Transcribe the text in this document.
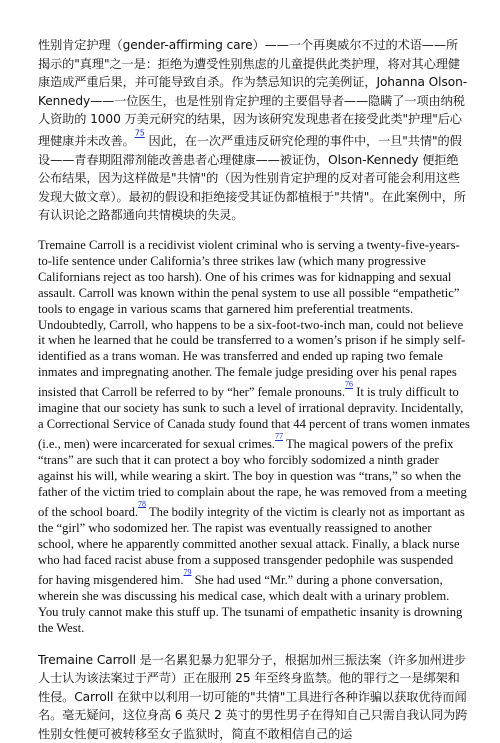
性别肯定护理（gender-affirming care）——一个再奥威尔不过的术语——所揭示的"真理"之一是：拒绝为遭受性别焦虑的儿童提供此类护理，将对其心理健康造成严重后果，并可能导致自杀。作为禁忌知识的完美例证，Johanna Olson-Kennedy——一位医生，也是性别肯定护理的主要倡导者——隐瞒了一项由纳税人资助的 1000 万美元研究的结果，因为该研究发现患者在接受此类"护理"后心理健康并未改善。$^{^{75}}$ 因此，在一次严重违反研究伦理的事件中，一旦"共情"的假设——青春期阻滞剂能改善患者心理健康——被证伪，Olson-Kennedy 便拒绝公布结果，因为这样做是"共情"的（因为性别肯定护理的反对者可能会利用这些发现大做文章）。最初的假设和拒绝接受其证伪都植根于"共情"。在此案例中，所有认识论之路都通向共情模块的失灵。

Tremaine Carroll is a recidivist violent criminal who is serving a twenty-five-years-to-life sentence under California’s three strikes law (which many progressive Californians reject as too harsh). One of his crimes was for kidnapping and sexual assault. Carroll was known within the penal system to use all possible “empathetic” tools to engage in various scams that garnered him preferential treatments. Undoubtedly, Carroll, who happens to be a six-foot-two-inch man, could not believe it when he learned that he could be transferred to a women’s prison if he simply self-identified as a trans woman. He was transferred and ended up raping two female inmates and impregnating another. The female judge presiding over his penal rapes insisted that Carroll be referred to by “her” female pronouns.$^{^{76}}$ It is truly difficult to imagine that our society has sunk to such a level of irrational depravity. Incidentally, a Correctional Service of Canada study found that 44 percent of trans women inmates (i.e., men) were incarcerated for sexual crimes.$^{^{77}}$ The magical powers of the prefix “trans” are such that it can protect a boy who forcibly sodomized a ninth grader against his will, while wearing a skirt. The boy in question was “trans,” so when the father of the victim tried to complain about the rape, he was removed from a meeting of the school board.$^{^{78}}$ The bodily integrity of the victim is clearly not as important as the “girl” who sodomized her. The rapist was eventually reassigned to another school, where he apparently committed another sexual attack. Finally, a black nurse who had faced racist abuse from a supposed transgender pedophile was suspended for having misgendered him.$^{^{79}}$ She had used “Mr.” during a phone conversation, wherein she was discussing his medical case, which dealt with a urinary problem. You truly cannot make this stuff up. The tsunami of empathetic insanity is drowning the West.

Tremaine Carroll 是一名累犯暴力犯罪分子，根据加州三振法案（许多加州进步人士认为该法案过于严苛）正在服刑 25 年至终身监禁。他的罪行之一是绑架和性侵。Carroll 在狱中以利用一切可能的"共情"工具进行各种诈骗以获取优待而闻名。毫无疑问，这位身高 6 英尺 2 英寸的男性男子在得知自己只需自我认同为跨性别女性便可被转移至女子监狱时，简直不敢相信自己的运
